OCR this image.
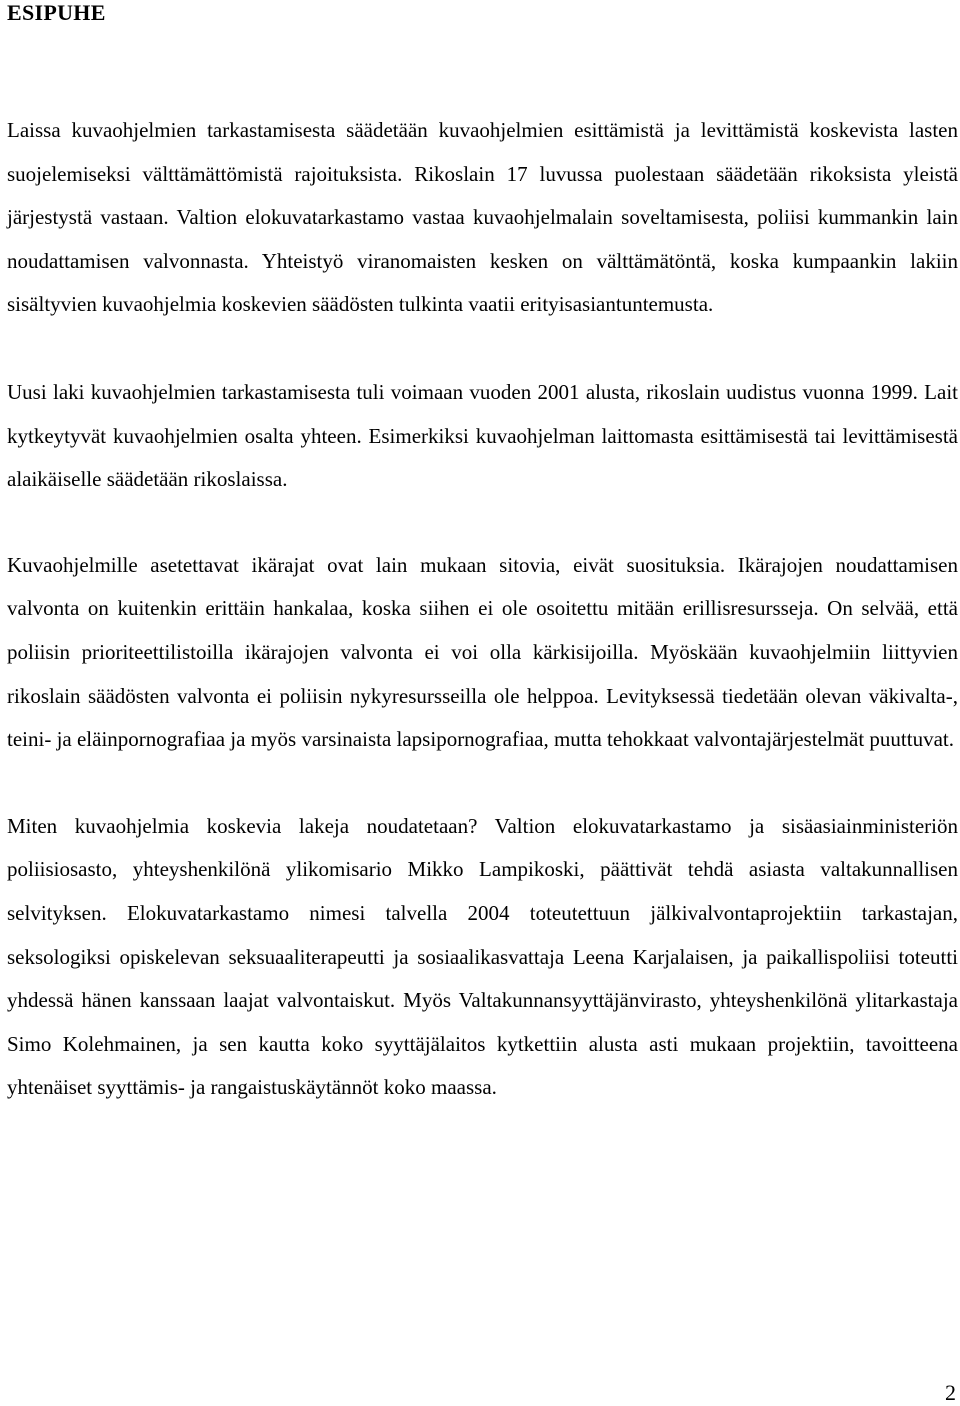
ESIPUHE

Laissa kuvaohjelmien tarkastamisesta säädetään kuvaohjelmien esittämistä ja levittämistä koskevista lasten suojelemiseksi välttämättömistä rajoituksista. Rikoslain 17 luvussa puolestaan säädetään rikoksista yleistä järjestystä vastaan. Valtion elokuvatarkastamo vastaa kuvaohjelmalain soveltamisesta, poliisi kummankin lain noudattamisen valvonnasta. Yhteistyö viranomaisten kesken on välttämätöntä, koska kumpaankin lakiin sisältyvien kuvaohjelmia koskevien säädösten tulkinta vaatii erityisasiantuntemusta.

Uusi laki kuvaohjelmien tarkastamisesta tuli voimaan vuoden 2001 alusta, rikoslain uudistus vuonna 1999. Lait kytkeytyvät kuvaohjelmien osalta yhteen. Esimerkiksi kuvaohjelman laittomasta esittämisestä tai levittämisestä alaikäiselle säädetään rikoslaissa.

Kuvaohjelmille asetettavat ikärajat ovat lain mukaan sitovia, eivät suosituksia. Ikärajojen noudattamisen valvonta on kuitenkin erittäin hankalaa, koska siihen ei ole osoitettu mitään erillisresursseja. On selvää, että poliisin prioriteettilistoilla ikärajojen valvonta ei voi olla kärkisijoilla. Myöskään kuvaohjelmiin liittyvien rikoslain säädösten valvonta ei poliisin nykyresursseilla ole helppoa. Levityksessä tiedetään olevan väkivalta-, teini- ja eläinpornografiaa ja myös varsinaista lapsipornografiaa, mutta tehokkaat valvontajärjestelmät puuttuvat.

Miten kuvaohjelmia koskevia lakeja noudatetaan? Valtion elokuvatarkastamo ja sisäasiainministeriön poliisiosasto, yhteyshenkilönä ylikomisario Mikko Lampikoski, päättivät tehdä asiasta valtakunnallisen selvityksen. Elokuvatarkastamo nimesi talvella 2004 toteutettuun jälkivalvontaprojektiin tarkastajan, seksologiksi opiskelevan seksuaaliterapeutti ja sosiaalikasvattaja Leena Karjalaisen, ja paikallispoliisi toteutti yhdessä hänen kanssaan laajat valvontaiskut. Myös Valtakunnansyyttäjänvirasto, yhteyshenkilönä ylitarkastaja Simo Kolehmainen, ja sen kautta koko syyttäjälaitos kytkettiin alusta asti mukaan projektiin, tavoitteena yhtenäiset syyttämis- ja rangaistuskäytännöt koko maassa.

2
